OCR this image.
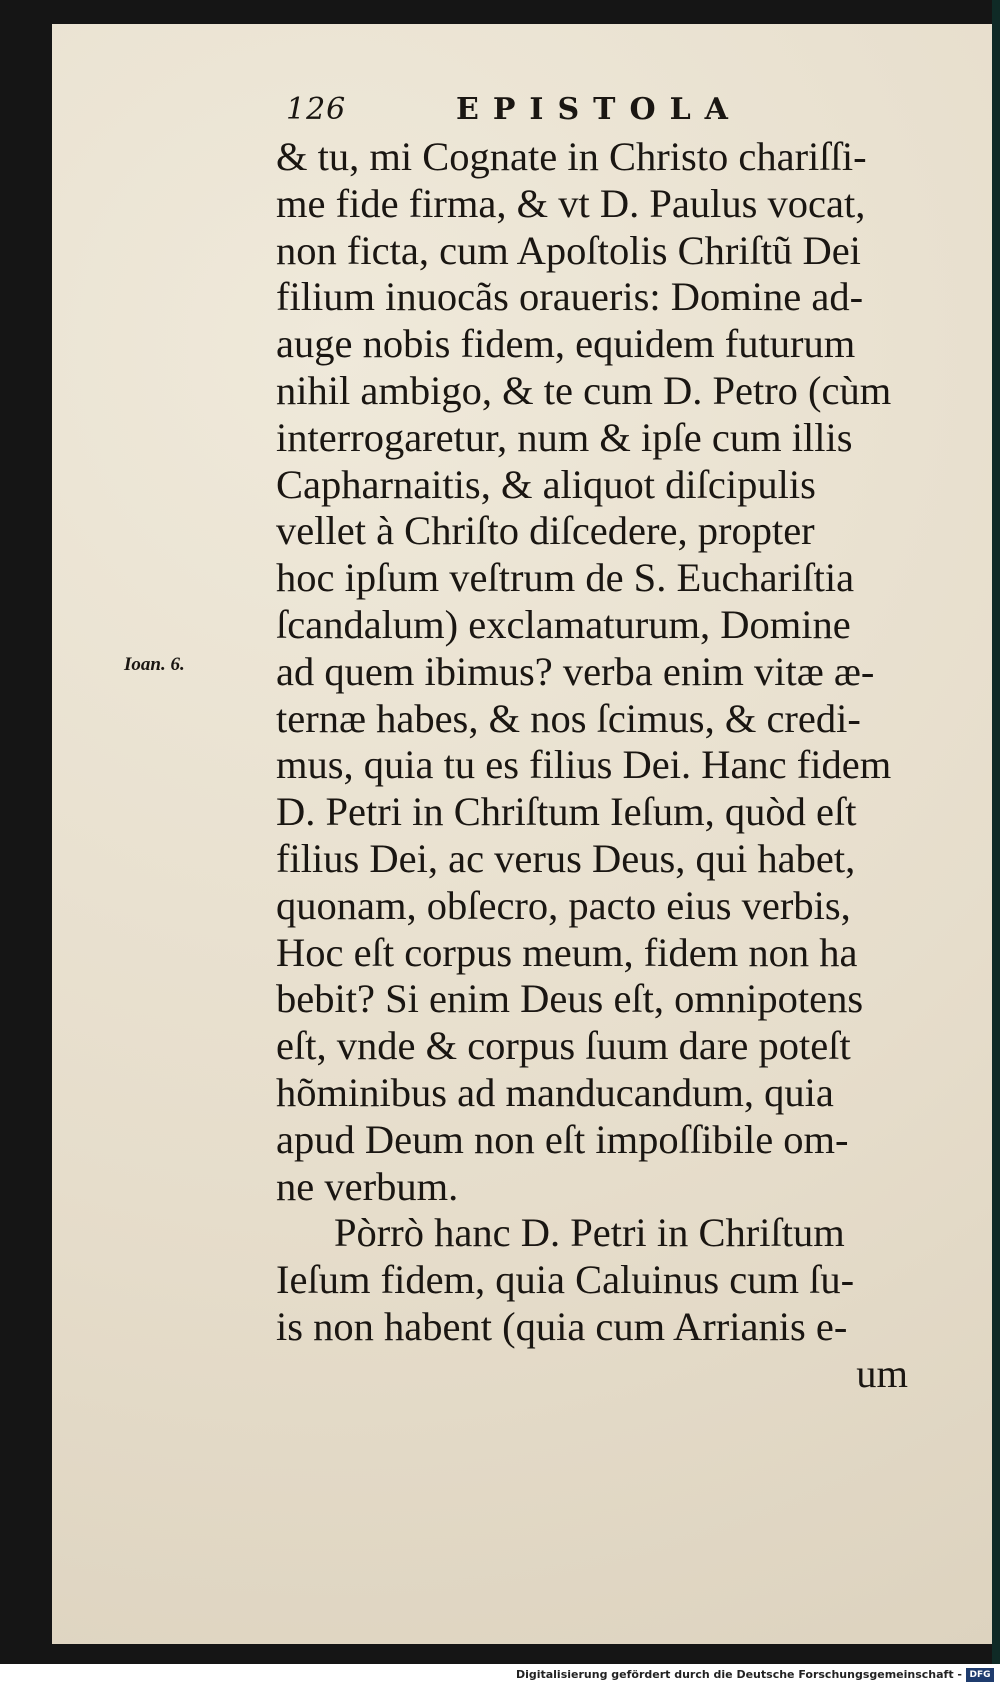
126	EPISTOLA
Ioan. 6.
& tu, mi Cognate in Christo chariſſi-
me fide firma, & vt D. Paulus vocat,
non ficta, cum Apoſtolis Chriſtũ Dei
filium inuocãs oraueris: Domine ad-
auge nobis fidem, equidem futurum
nihil ambigo, & te cum D. Petro (cùm
interrogaretur, num & ipſe cum illis
Capharnaitis, & aliquot diſcipulis
vellet à Chriſto diſcedere, propter
hoc ipſum veſtrum de S. Euchariſtia
ſcandalum) exclamaturum, Domine
ad quem ibimus? verba enim vitæ æ-
ternæ habes, & nos ſcimus, & credi-
mus, quia tu es filius Dei. Hanc fidem
D. Petri in Chriſtum Ieſum, quòd eſt
filius Dei, ac verus Deus, qui habet,
quonam, obſecro, pacto eius verbis,
Hoc eſt corpus meum, fidem non ha
bebit? Si enim Deus eſt, omnipotens
eſt, vnde & corpus ſuum dare poteſt
hõminibus ad manducandum, quia
apud Deum non eſt impoſſibile om-
ne verbum.
Pòrrò hanc D. Petri in Chriſtum
Ieſum fidem, quia Caluinus cum ſu-
is non habent (quia cum Arrianis e-
um
Digitalisierung gefördert durch die Deutsche Forschungsgemeinschaft - DFG
